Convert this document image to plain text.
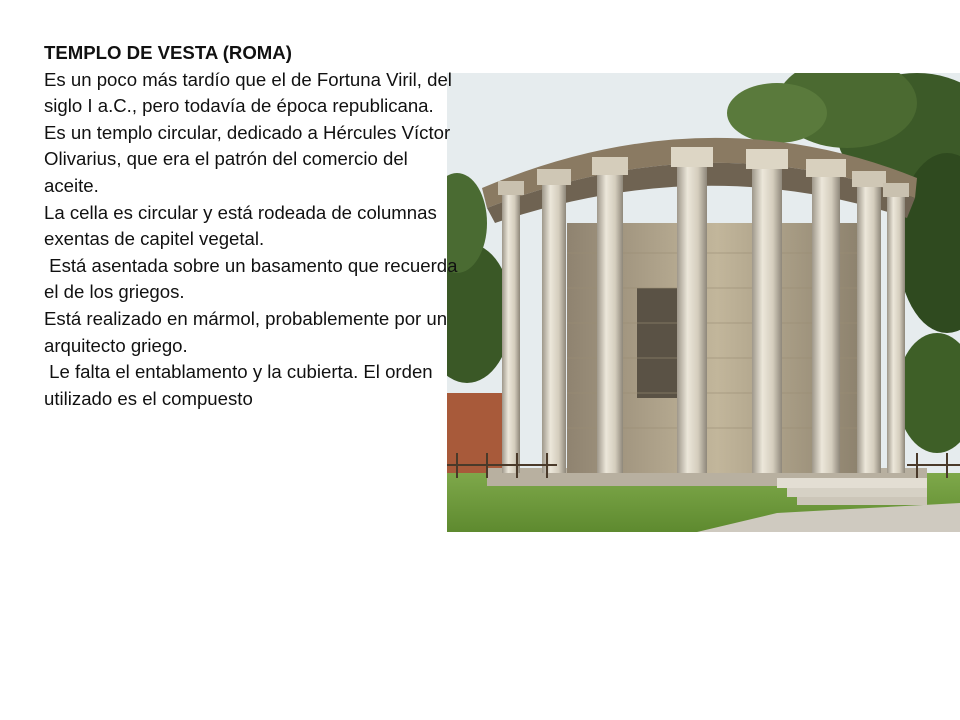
TEMPLO DE VESTA (ROMA)

Es un poco más tardío que el de Fortuna Viril, del siglo I a.C., pero todavía de época republicana.

Es un templo circular, dedicado a Hércules Víctor Olivarius, que era el patrón del comercio del aceite.

La cella es circular y está rodeada de columnas exentas de capitel vegetal.

Está asentada sobre un basamento que recuerda el de los griegos.

Está realizado en mármol, probablemente por un arquitecto griego.

Le falta el entablamento y la cubierta. El orden utilizado es el compuesto
